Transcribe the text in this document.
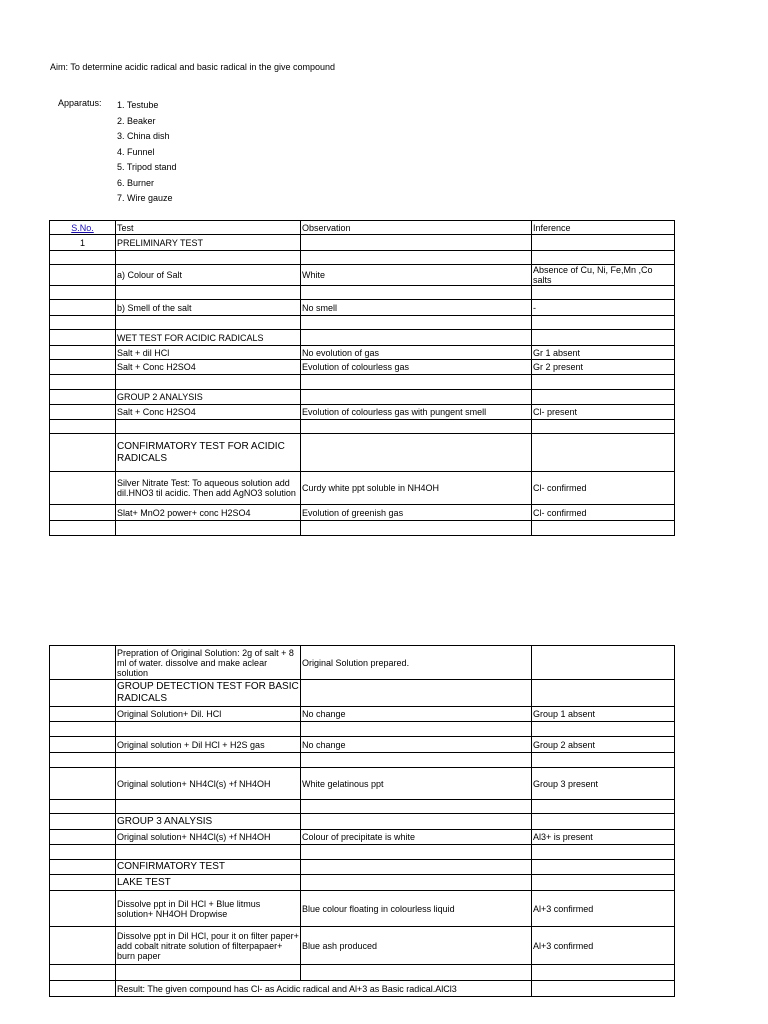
Aim: To determine acidic radical and basic radical in the give compound
Apparatus: 1. Testube
2. Beaker
3. China dish
4. Funnel
5. Tripod stand
6. Burner
7. Wire gauze
S.No.	Test	Observation	Inference
1	PRELIMINARY TEST		

	a) Colour of Salt	White	Absence of Cu, Ni, Fe,Mn ,Co salts

	b) Smell of the salt	No smell	-

	WET TEST FOR ACIDIC RADICALS		
	Salt + dil HCl	No evolution of gas	Gr 1 absent
	Salt + Conc H2SO4	Evolution of colourless gas	Gr 2 present

	GROUP 2 ANALYSIS		
	Salt + Conc H2SO4	Evolution of colourless gas with pungent smell	Cl- present

	CONFIRMATORY TEST FOR ACIDIC RADICALS		
	Silver Nitrate Test: To aqueous solution add dil.HNO3 til acidic. Then add AgNO3 solution	Curdy white ppt soluble in NH4OH	Cl- confirmed
	Slat+ MnO2 power+ conc H2SO4	Evolution of greenish gas	Cl- confirmed

	Prepration of Original Solution: 2g of salt + 8 ml of water. dissolve and make aclear solution	Original Solution prepared.	
	GROUP DETECTION TEST FOR BASIC RADICALS		
	Original Solution+ Dil. HCl	No change	Group 1 absent

	Original solution + Dil HCl + H2S gas	No change	Group 2 absent

	Original solution+ NH4Cl(s) +f NH4OH	White gelatinous ppt	Group 3 present

	GROUP 3 ANALYSIS		
	Original solution+ NH4Cl(s) +f NH4OH	Colour of precipitate is white	Al3+ is present

	CONFIRMATORY TEST		
	LAKE TEST		
	Dissolve ppt in Dil HCl + Blue litmus solution+ NH4OH Dropwise	Blue colour floating in colourless liquid	Al+3 confirmed
	Dissolve ppt in Dil HCl, pour it on filter paper+ add cobalt nitrate solution of filterpapaer+ burn paper	Blue ash produced	Al+3 confirmed

	Result: The given compound has Cl- as Acidic radical and Al+3 as Basic radical.AlCl3		
